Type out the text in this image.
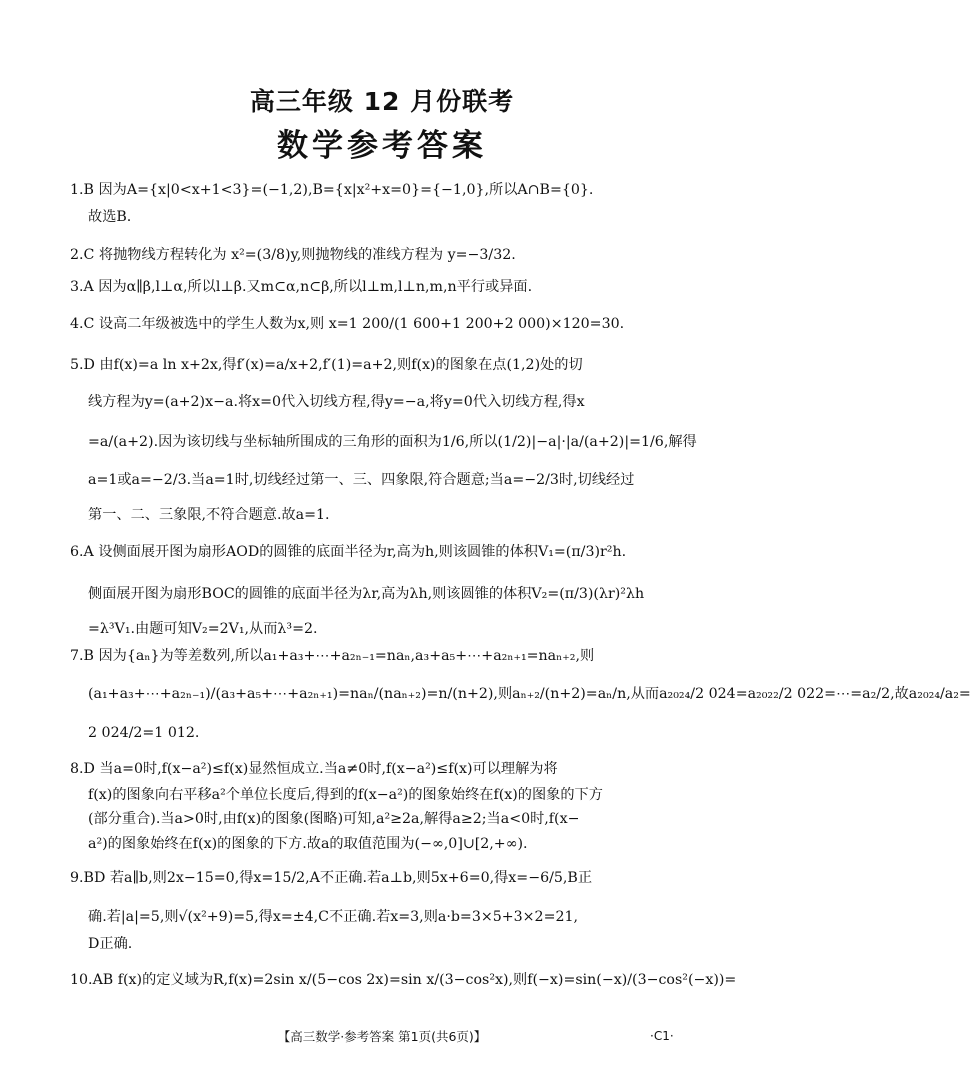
高三年级 12 月份联考
数学参考答案
1.B 因为A={x|0<x+1<3}=(−1,2),B={x|x²+x=0}={−1,0},所以A∩B={0}.
故选B.
2.C 将抛物线方程转化为 x²=(3/8)y,则抛物线的准线方程为 y=−3/32.
3.A 因为α∥β,l⊥α,所以l⊥β.又m⊂α,n⊂β,所以l⊥m,l⊥n,m,n平行或异面.
4.C 设高二年级被选中的学生人数为x,则 x=1 200/(1 600+1 200+2 000)×120=30.
5.D 由f(x)=a ln x+2x,得f′(x)=a/x+2,f′(1)=a+2,则f(x)的图象在点(1,2)处的切
线方程为y=(a+2)x−a.将x=0代入切线方程,得y=−a,将y=0代入切线方程,得x
=a/(a+2).因为该切线与坐标轴所围成的三角形的面积为1/6,所以(1/2)|−a|·|a/(a+2)|=1/6,解得
a=1或a=−2/3.当a=1时,切线经过第一、三、四象限,符合题意;当a=−2/3时,切线经过
第一、二、三象限,不符合题意.故a=1.
6.A 设侧面展开图为扇形AOD的圆锥的底面半径为r,高为h,则该圆锥的体积V₁=(π/3)r²h.
侧面展开图为扇形BOC的圆锥的底面半径为λr,高为λh,则该圆锥的体积V₂=(π/3)(λr)²λh
=λ³V₁.由题可知V₂=2V₁,从而λ³=2.
7.B 因为{aₙ}为等差数列,所以a₁+a₃+⋯+a₂ₙ₋₁=naₙ,a₃+a₅+⋯+a₂ₙ₊₁=naₙ₊₂,则
(a₁+a₃+⋯+a₂ₙ₋₁)/(a₃+a₅+⋯+a₂ₙ₊₁)=naₙ/(naₙ₊₂)=n/(n+2),则aₙ₊₂/(n+2)=aₙ/n,从而a₂₀₂₄/2 024=a₂₀₂₂/2 022=⋯=a₂/2,故a₂₀₂₄/a₂=
2 024/2=1 012.
8.D 当a=0时,f(x−a²)≤f(x)显然恒成立.当a≠0时,f(x−a²)≤f(x)可以理解为将
f(x)的图象向右平移a²个单位长度后,得到的f(x−a²)的图象始终在f(x)的图象的下方
(部分重合).当a>0时,由f(x)的图象(图略)可知,a²≥2a,解得a≥2;当a<0时,f(x−
a²)的图象始终在f(x)的图象的下方.故a的取值范围为(−∞,0]∪[2,+∞).
9.BD 若a∥b,则2x−15=0,得x=15/2,A不正确.若a⊥b,则5x+6=0,得x=−6/5,B正
确.若|a|=5,则√(x²+9)=5,得x=±4,C不正确.若x=3,则a·b=3×5+3×2=21,
D正确.
10.AB f(x)的定义域为R,f(x)=2sin x/(5−cos 2x)=sin x/(3−cos²x),则f(−x)=sin(−x)/(3−cos²(−x))=
【高三数学·参考答案 第1页(共6页)】	·C1·
